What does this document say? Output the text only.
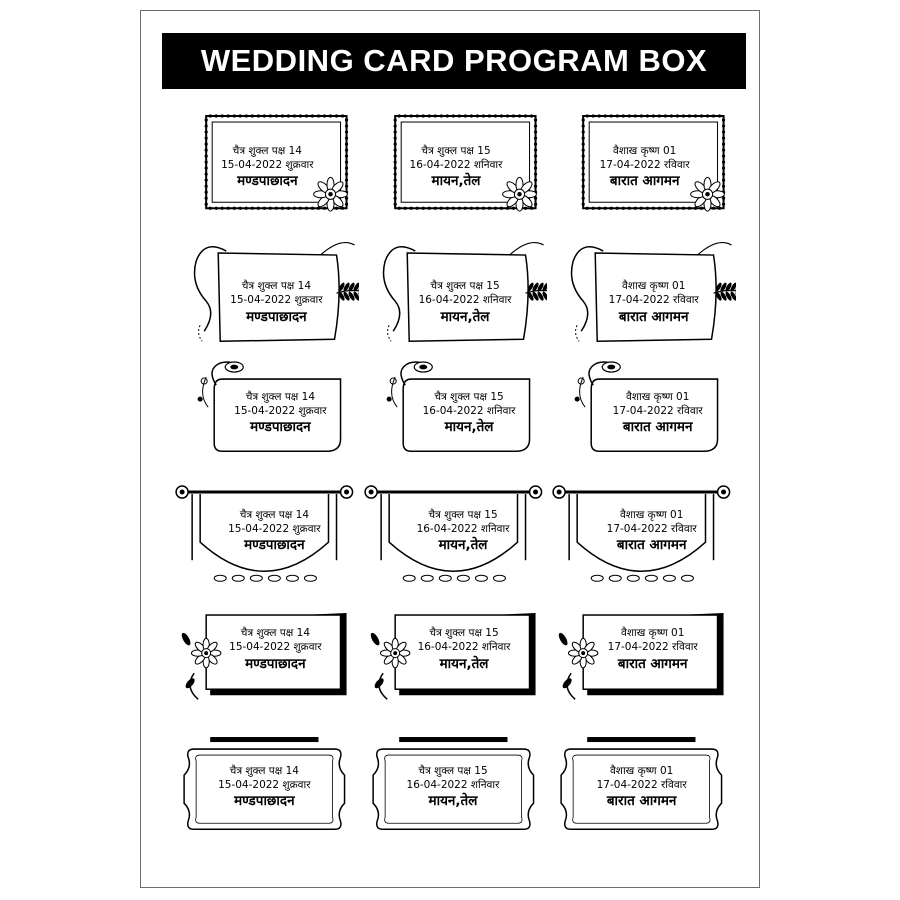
WEDDING CARD PROGRAM BOX
चैत्र शुक्ल पक्ष 14
15-04-2022 शुक्रवार
मण्डपाछादन
चैत्र शुक्ल पक्ष 15
16-04-2022 शनिवार
मायन,तेल
वैशाख कृष्ण 01
17-04-2022 रविवार
बारात आगमन
चैत्र शुक्ल पक्ष 14
15-04-2022 शुक्रवार
मण्डपाछादन
चैत्र शुक्ल पक्ष 15
16-04-2022 शनिवार
मायन,तेल
वैशाख कृष्ण 01
17-04-2022 रविवार
बारात आगमन
चैत्र शुक्ल पक्ष 14
15-04-2022 शुक्रवार
मण्डपाछादन
चैत्र शुक्ल पक्ष 15
16-04-2022 शनिवार
मायन,तेल
वैशाख कृष्ण 01
17-04-2022 रविवार
बारात आगमन
चैत्र शुक्ल पक्ष 14
15-04-2022 शुक्रवार
मण्डपाछादन
चैत्र शुक्ल पक्ष 15
16-04-2022 शनिवार
मायन,तेल
वैशाख कृष्ण 01
17-04-2022 रविवार
बारात आगमन
चैत्र शुक्ल पक्ष 14
15-04-2022 शुक्रवार
मण्डपाछादन
चैत्र शुक्ल पक्ष 15
16-04-2022 शनिवार
मायन,तेल
वैशाख कृष्ण 01
17-04-2022 रविवार
बारात आगमन
चैत्र शुक्ल पक्ष 14
15-04-2022 शुक्रवार
मण्डपाछादन
चैत्र शुक्ल पक्ष 15
16-04-2022 शनिवार
मायन,तेल
वैशाख कृष्ण 01
17-04-2022 रविवार
बारात आगमन
